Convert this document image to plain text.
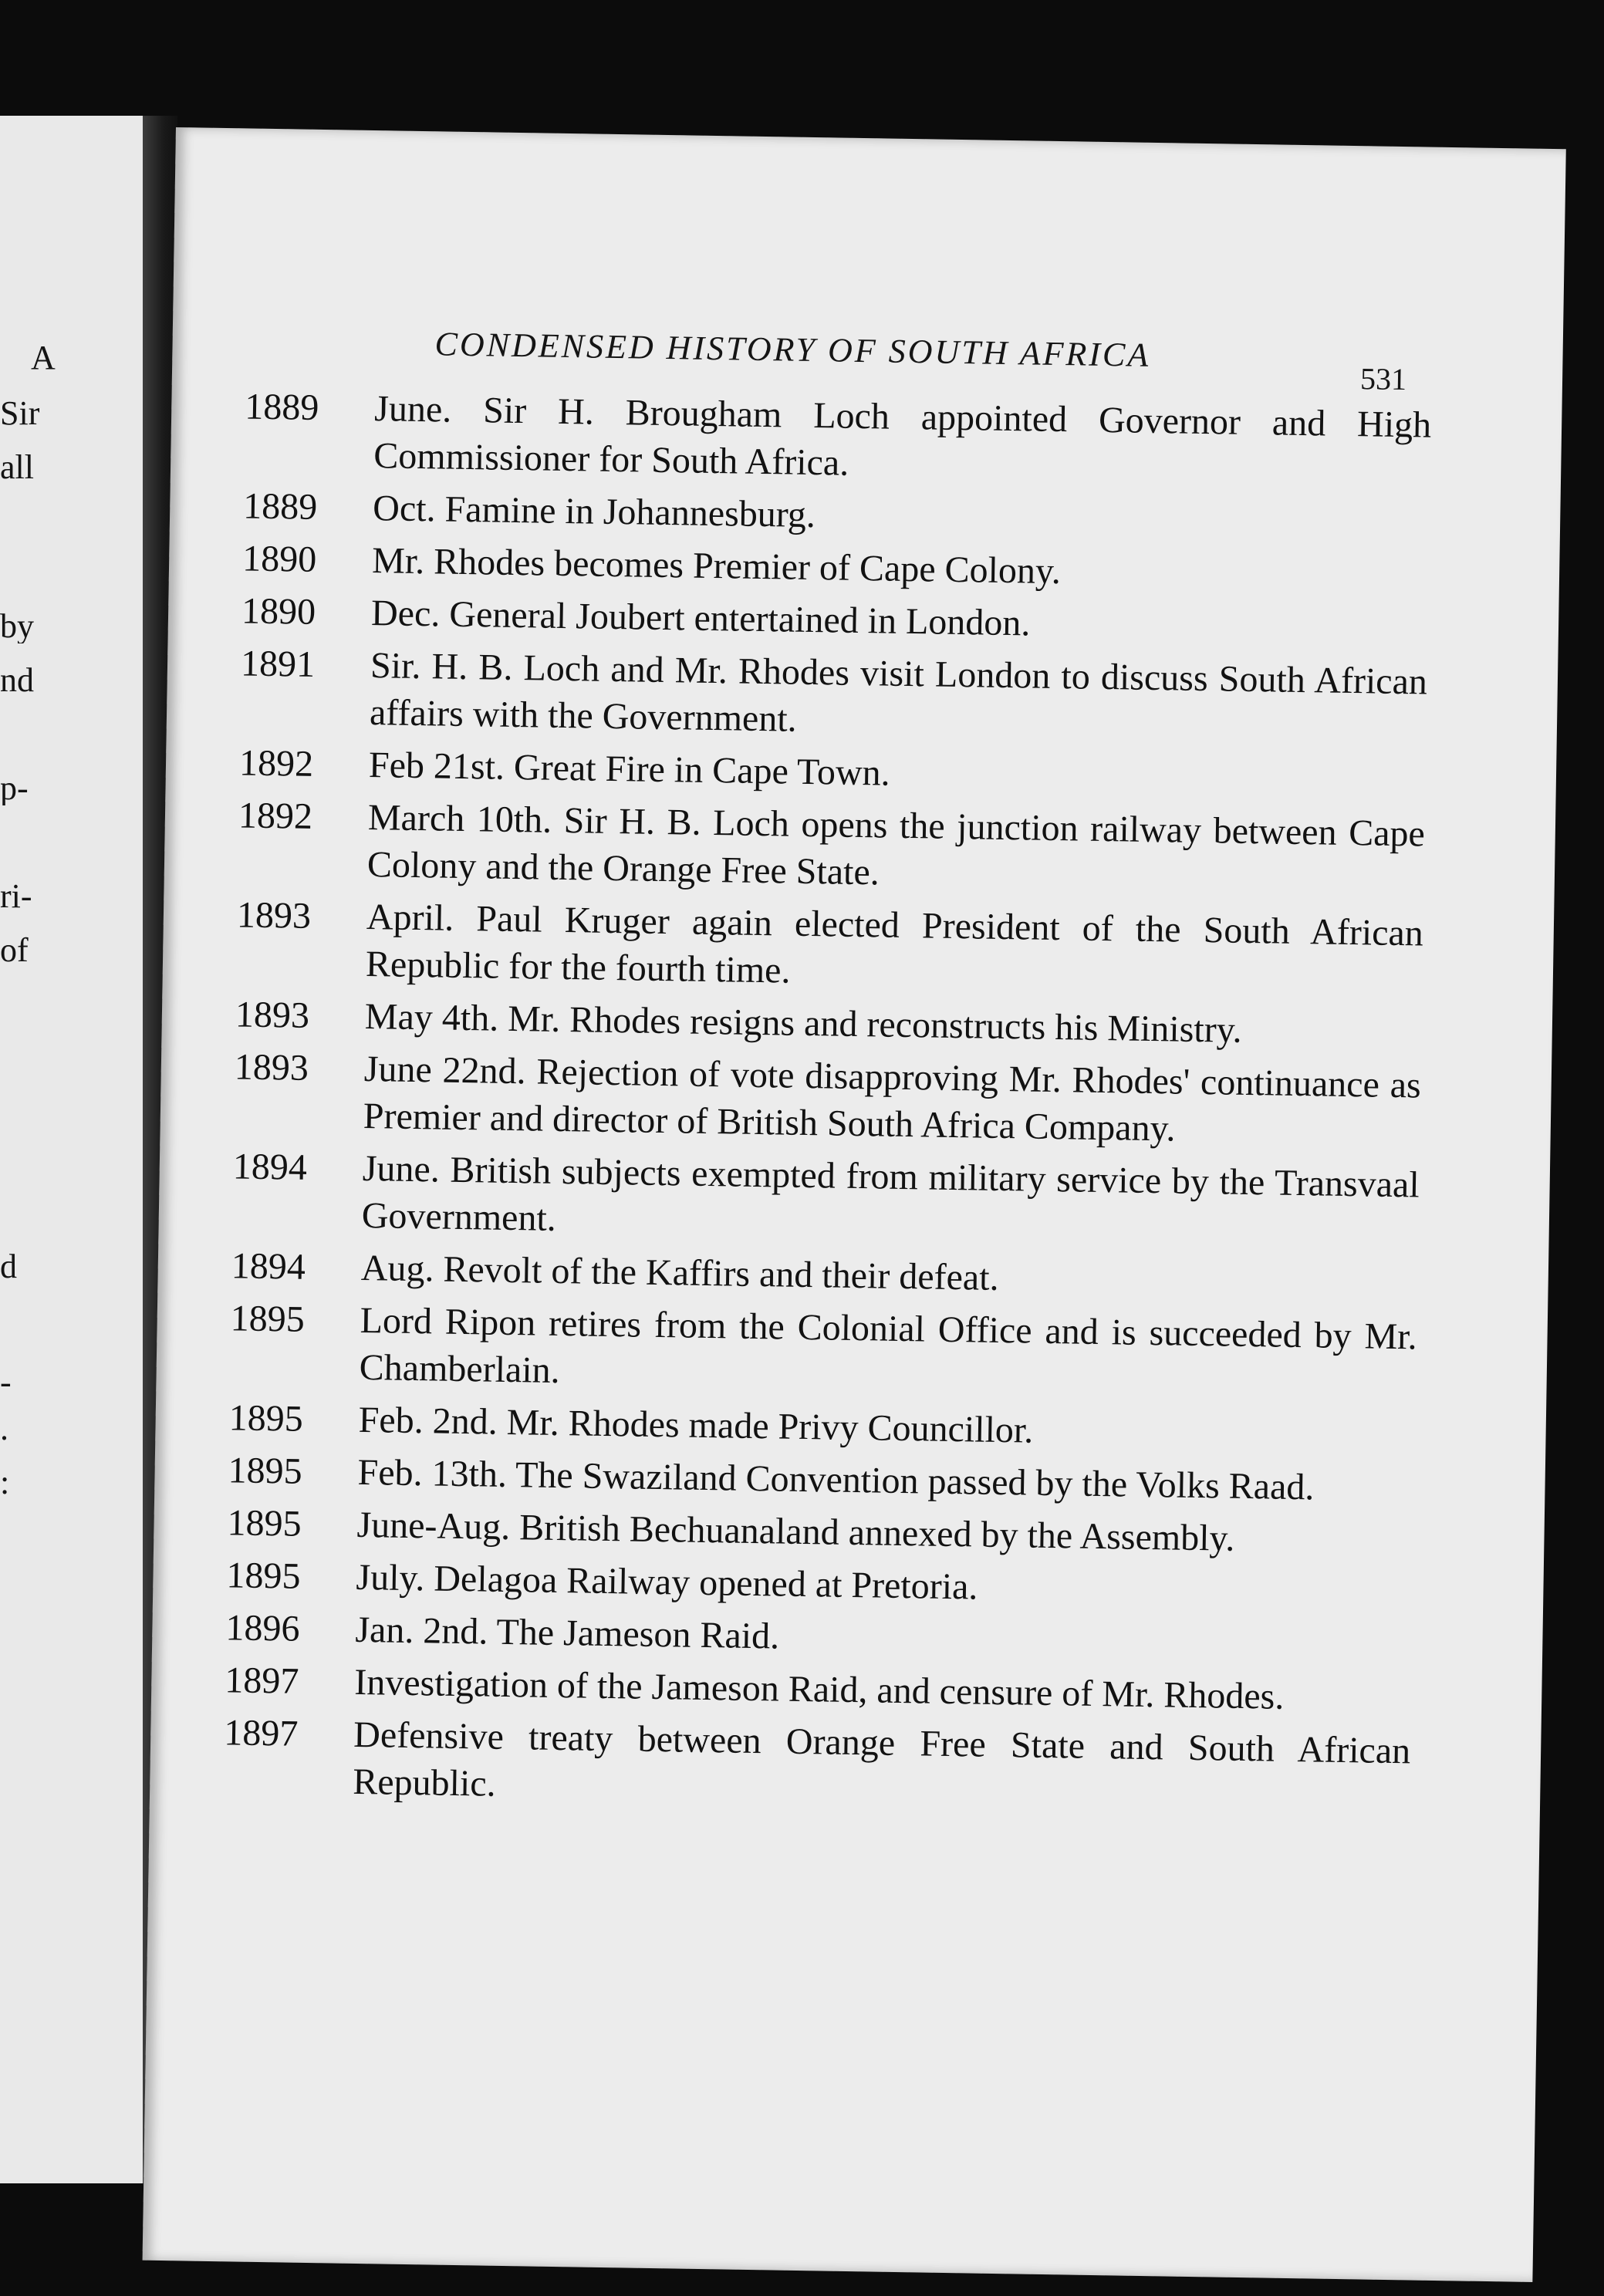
A
Sir
all
by
nd
p-
ri-
of
d
-
.
:
CONDENSED HISTORY OF SOUTH AFRICA
531
1889	June. Sir H. Brougham Loch appointed Governor and High Commissioner for South Africa.
1889	Oct. Famine in Johannesburg.
1890	Mr. Rhodes becomes Premier of Cape Colony.
1890	Dec. General Joubert entertained in London.
1891	Sir. H. B. Loch and Mr. Rhodes visit London to discuss South African affairs with the Government.
1892	Feb 21st. Great Fire in Cape Town.
1892	March 10th. Sir H. B. Loch opens the junction railway between Cape Colony and the Orange Free State.
1893	April. Paul Kruger again elected President of the South African Republic for the fourth time.
1893	May 4th. Mr. Rhodes resigns and reconstructs his Ministry.
1893	June 22nd. Rejection of vote disapproving Mr. Rhodes' continuance as Premier and director of British South Africa Company.
1894	June. British subjects exempted from military service by the Transvaal Government.
1894	Aug. Revolt of the Kaffirs and their defeat.
1895	Lord Ripon retires from the Colonial Office and is succeeded by Mr. Chamberlain.
1895	Feb. 2nd. Mr. Rhodes made Privy Councillor.
1895	Feb. 13th. The Swaziland Convention passed by the Volks Raad.
1895	June-Aug. British Bechuanaland annexed by the Assembly.
1895	July. Delagoa Railway opened at Pretoria.
1896	Jan. 2nd. The Jameson Raid.
1897	Investigation of the Jameson Raid, and censure of Mr. Rhodes.
1897	Defensive treaty between Orange Free State and South African Republic.
